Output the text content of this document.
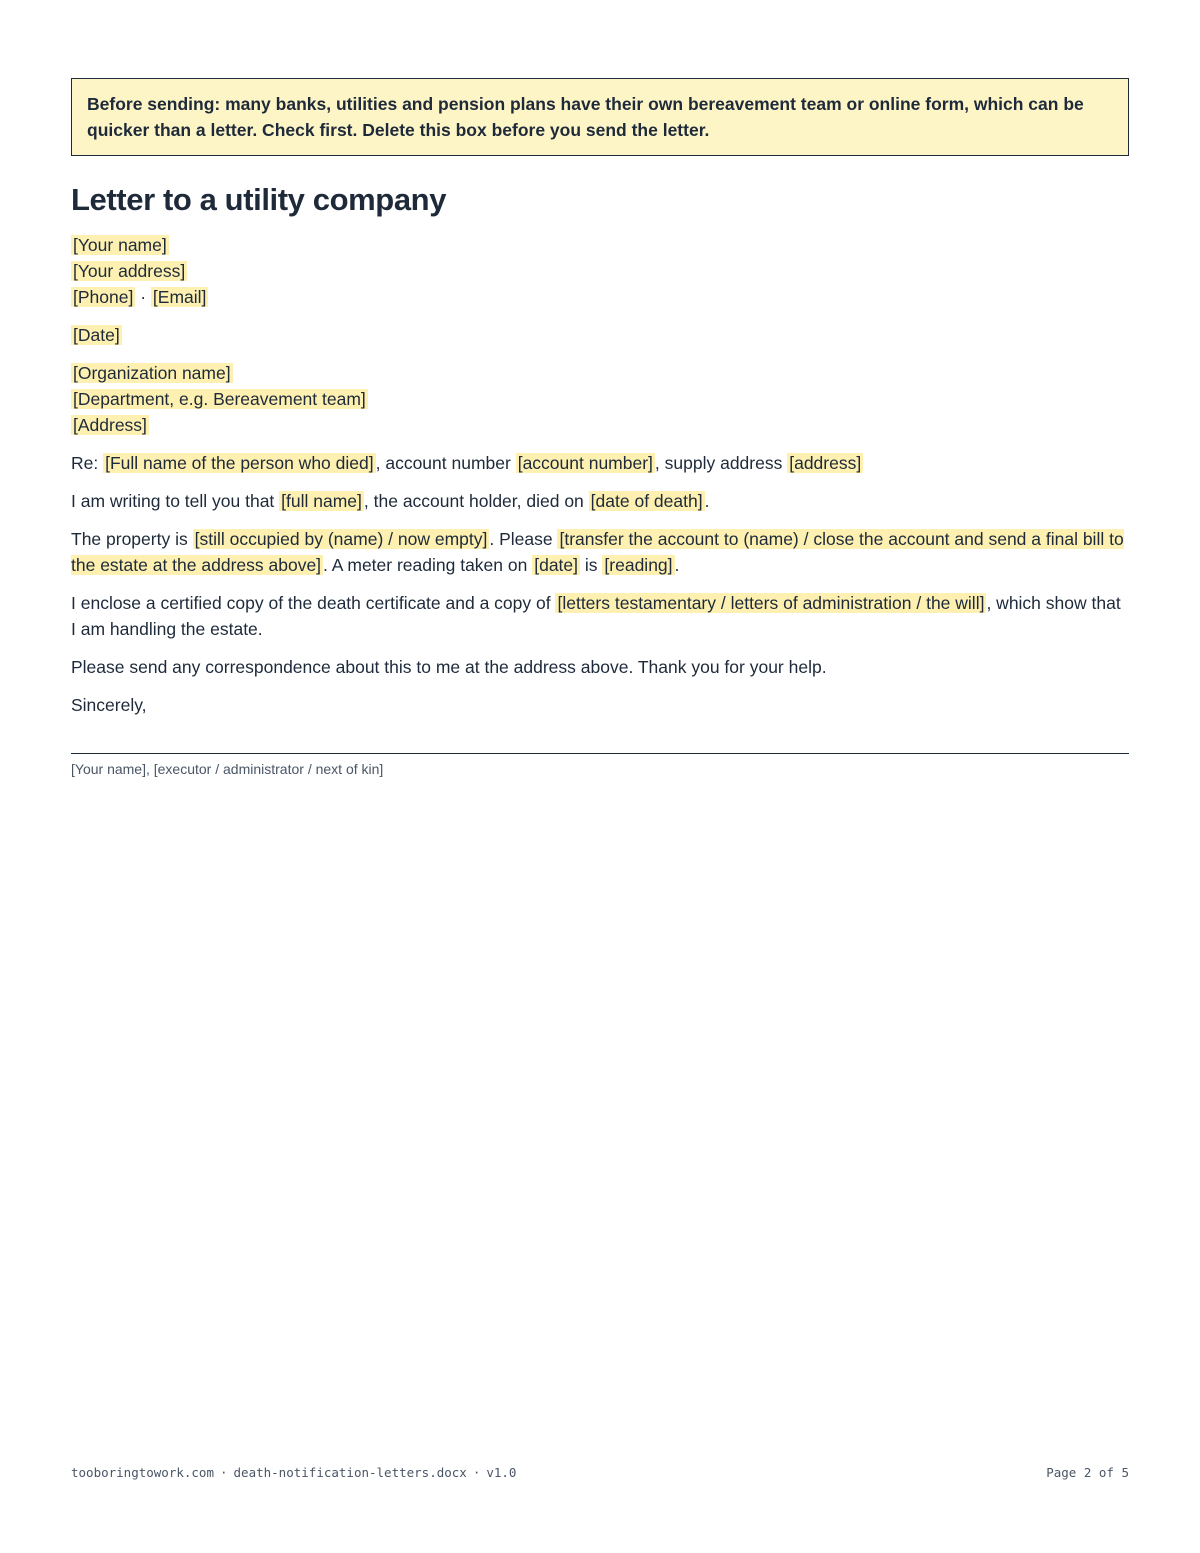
Before sending: many banks, utilities and pension plans have their own bereavement team or online form, which can be quicker than a letter. Check first. Delete this box before you send the letter.
Letter to a utility company
[Your name]
[Your address]
[Phone] · [Email]
[Date]
[Organization name]
[Department, e.g. Bereavement team]
[Address]

Re: [Full name of the person who died] , account number [account number] , supply address [address]

I am writing to tell you that [full name] , the account holder, died on [date of death] .

The property is [still occupied by (name) / now empty] . Please [transfer the account to (name) / close the account and send a final bill to the estate at the address above] . A meter reading taken on [date] is [reading] .

I enclose a certified copy of the death certificate and a copy of [letters testamentary / letters of administration / the will] , which show that I am handling the estate.

Please send any correspondence about this to me at the address above. Thank you for your help.

Sincerely,

[Your name], [executor / administrator / next of kin]
tooboringtowork.com · death-notification-letters.docx · v1.0	Page 2 of 5
